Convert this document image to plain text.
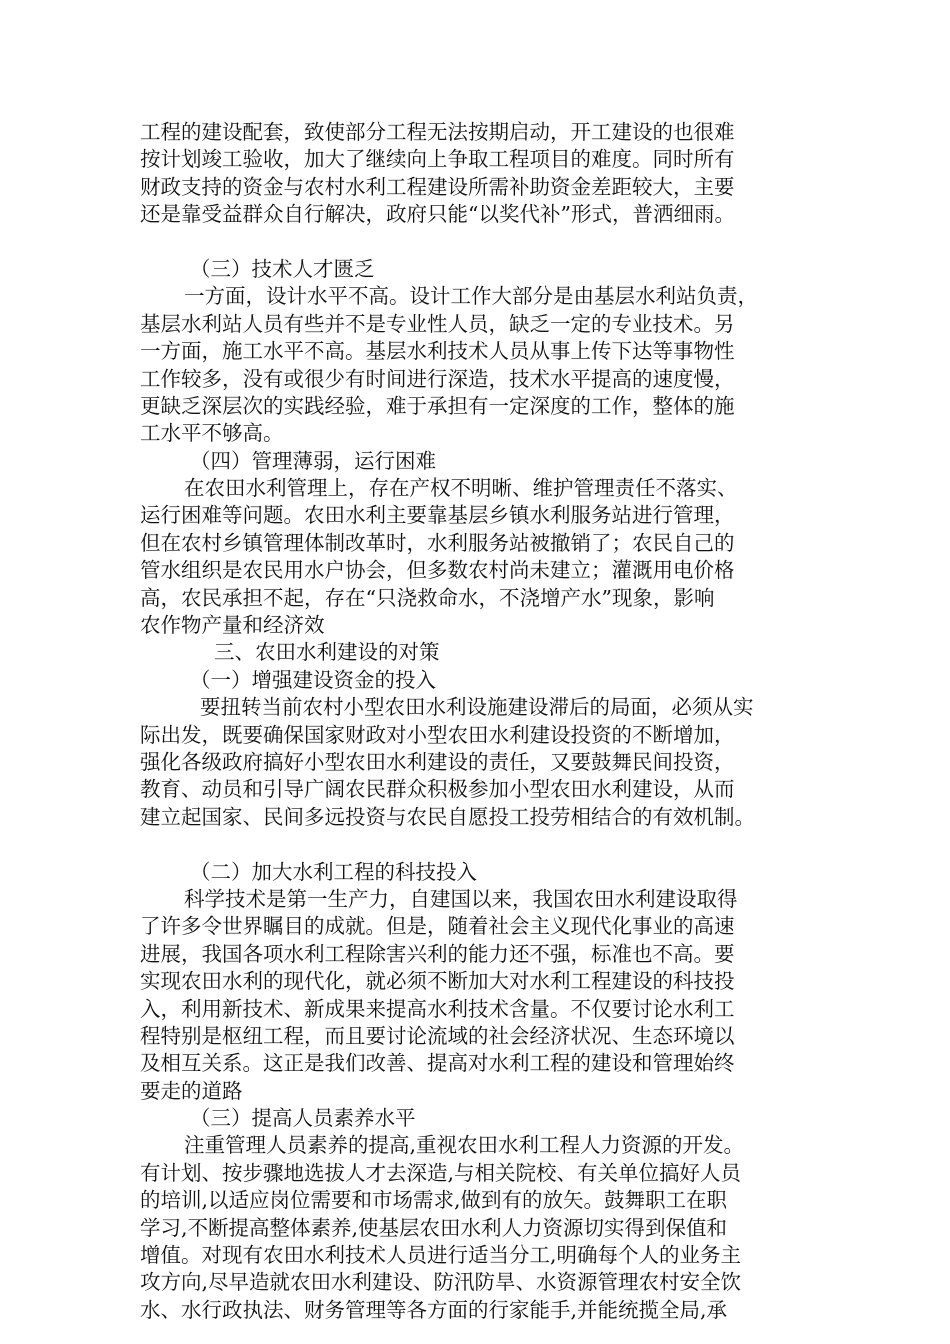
工程的建设配套，致使部分工程无法按期启动，开工建设的也很难
按计划竣工验收，加大了继续向上争取工程项目的难度。同时所有
财政支持的资金与农村水利工程建设所需补助资金差距较大，主要
还是靠受益群众自行解决，政府只能“以奖代补”形式，普洒细雨。
（三）技术人才匮乏
一方面，设计水平不高。设计工作大部分是由基层水利站负责，
基层水利站人员有些并不是专业性人员，缺乏一定的专业技术。另
一方面，施工水平不高。基层水利技术人员从事上传下达等事物性
工作较多，没有或很少有时间进行深造，技术水平提高的速度慢，
更缺乏深层次的实践经验，难于承担有一定深度的工作，整体的施
工水平不够高。
（四）管理薄弱，运行困难
在农田水利管理上，存在产权不明晰、维护管理责任不落实、
运行困难等问题。农田水利主要靠基层乡镇水利服务站进行管理，
但在农村乡镇管理体制改革时，水利服务站被撤销了；农民自己的
管水组织是农民用水户协会，但多数农村尚未建立；灌溉用电价格
高，农民承担不起，存在“只浇救命水，不浇增产水”现象，影响
农作物产量和经济效
三、农田水利建设的对策
（一）增强建设资金的投入
要扭转当前农村小型农田水利设施建设滞后的局面，必须从实
际出发，既要确保国家财政对小型农田水利建设投资的不断增加，
强化各级政府搞好小型农田水利建设的责任，又要鼓舞民间投资，
教育、动员和引导广阔农民群众积极参加小型农田水利建设，从而
建立起国家、民间多远投资与农民自愿投工投劳相结合的有效机制。
（二）加大水利工程的科技投入
科学技术是第一生产力，自建国以来，我国农田水利建设取得
了许多令世界瞩目的成就。但是，随着社会主义现代化事业的高速
进展，我国各项水利工程除害兴利的能力还不强，标准也不高。要
实现农田水利的现代化，就必须不断加大对水利工程建设的科技投
入，利用新技术、新成果来提高水利技术含量。不仅要讨论水利工
程特别是枢纽工程，而且要讨论流域的社会经济状况、生态环境以
及相互关系。这正是我们改善、提高对水利工程的建设和管理始终
要走的道路
（三）提高人员素养水平
注重管理人员素养的提高,重视农田水利工程人力资源的开发。
有计划、按步骤地选拔人才去深造,与相关院校、有关单位搞好人员
的培训,以适应岗位需要和市场需求,做到有的放矢。鼓舞职工在职
学习,不断提高整体素养,使基层农田水利人力资源切实得到保值和
增值。对现有农田水利技术人员进行适当分工,明确每个人的业务主
攻方向,尽早造就农田水利建设、防汛防旱、水资源管理农村安全饮
水、水行政执法、财务管理等各方面的行家能手,并能统揽全局,承
